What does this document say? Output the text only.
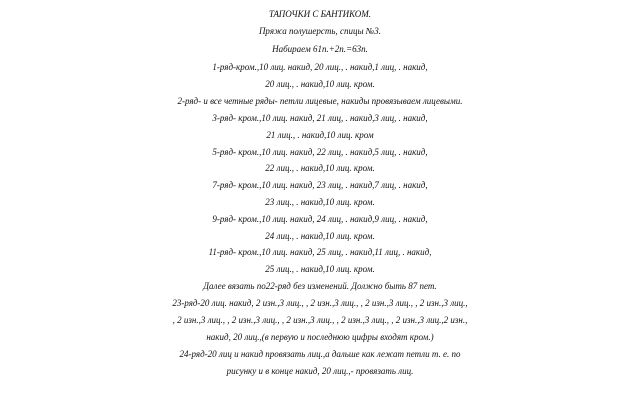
ТАПОЧКИ С БАНТИКОМ.
Пряжа полушерсть, спицы №3.
Набираем 61п.+2п.=63п.
1-ряд-кром.,10 лиц. накид, 20 лиц., . накид,1 лиц, . накид,
20 лиц., . накид,10 лиц. кром.
2-ряд- и все четные ряды- петли лицевые, накиды провязываем лицевыми.
3-ряд- кром.,10 лиц. накид, 21 лиц, . накид,3 лиц, . накид,
21 лиц., . накид,10 лиц. кром
5-ряд- кром.,10 лиц. накид, 22 лиц, . накид,5 лиц, . накид,
22 лиц., . накид,10 лиц. кром.
7-ряд- кром.,10 лиц. накид, 23 лиц, . накид,7 лиц, . накид,
23 лиц., . накид,10 лиц. кром.
9-ряд- кром.,10 лиц. накид, 24 лиц, . накид,9 лиц, . накид,
24 лиц., . накид,10 лиц. кром.
11-ряд- кром.,10 лиц. накид, 25 лиц, . накид,11 лиц, . накид,
25 лиц., . накид,10 лиц. кром.
Далее вязать по22-ряд без изменений. Должно быть 87 пет.
23-ряд-20 лиц. накид, 2 изн.,3 лиц., , 2 изн.,3 лиц., , 2 изн.,3 лиц., , 2 изн.,3 лиц.,
, 2 изн.,3 лиц., , 2 изн.,3 лиц., , 2 изн.,3 лиц., , 2 изн.,3 лиц., , 2 изн.,3 лиц.,2 изн.,
накид, 20 лиц.,(в первую и последнюю цифры входят кром.)
24-ряд-20 лиц и накид провязать лиц.,а дальше как лежат петли т. е. по
рисунку и в конце накид, 20 лиц.,- провязать лиц.
